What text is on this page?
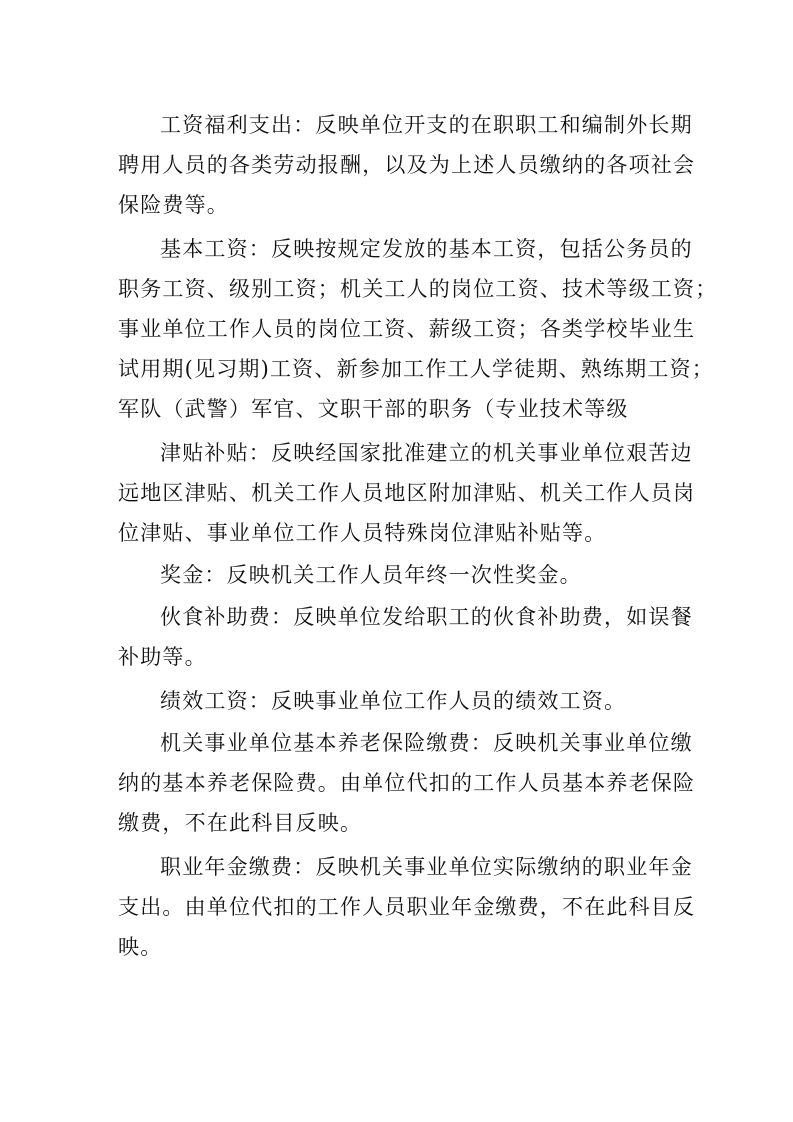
工资福利支出：反映单位开支的在职职工和编制外长期
聘用人员的各类劳动报酬，以及为上述人员缴纳的各项社会
保险费等。
基本工资：反映按规定发放的基本工资，包括公务员的
职务工资、级别工资；机关工人的岗位工资、技术等级工资；
事业单位工作人员的岗位工资、薪级工资；各类学校毕业生
试用期(见习期)工资、新参加工作工人学徒期、熟练期工资；
军队（武警）军官、文职干部的职务（专业技术等级
津贴补贴：反映经国家批准建立的机关事业单位艰苦边
远地区津贴、机关工作人员地区附加津贴、机关工作人员岗
位津贴、事业单位工作人员特殊岗位津贴补贴等。
奖金：反映机关工作人员年终一次性奖金。
伙食补助费：反映单位发给职工的伙食补助费，如误餐
补助等。
绩效工资：反映事业单位工作人员的绩效工资。
机关事业单位基本养老保险缴费：反映机关事业单位缴
纳的基本养老保险费。由单位代扣的工作人员基本养老保险
缴费，不在此科目反映。
职业年金缴费：反映机关事业单位实际缴纳的职业年金
支出。由单位代扣的工作人员职业年金缴费，不在此科目反
映。
